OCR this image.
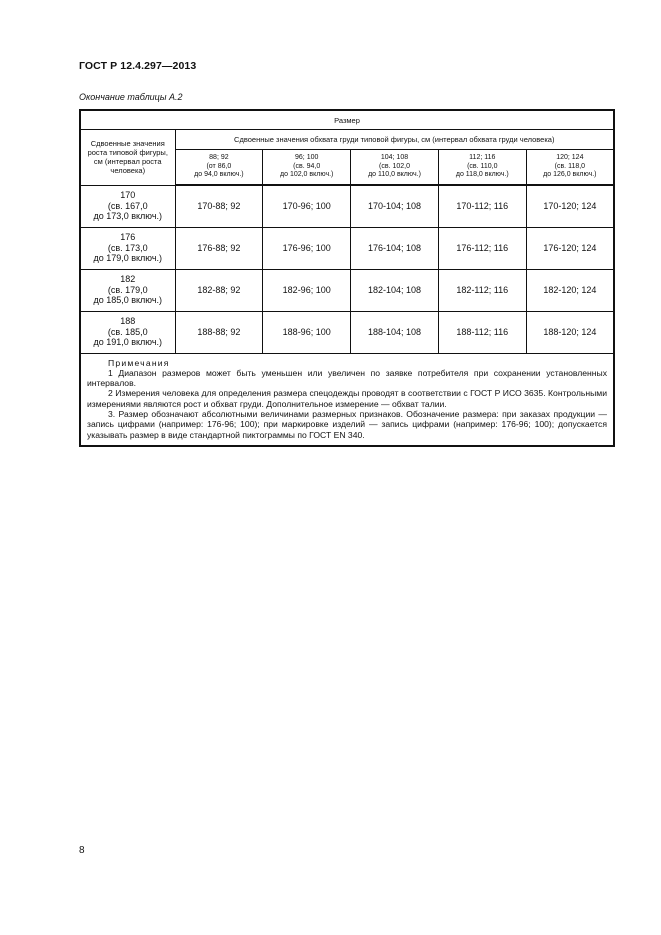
ГОСТ Р 12.4.297—2013
Окончание таблицы А.2
Размер					
Сдвоенные значения роста типовой фигуры, см (интервал роста человека)	Сдвоенные значения обхвата груди типовой фигуры, см (интервал обхвата груди человека)				
	88; 92
(от 86,0
до 94,0 включ.)	96; 100
(св. 94,0
до 102,0 включ.)	104; 108
(св. 102,0
до 110,0 включ.)	112; 116
(св. 110,0
до 118,0 включ.)	120; 124
(св. 118,0
до 126,0 включ.)
170
(св. 167,0
до 173,0 включ.)	170-88; 92	170-96; 100	170-104; 108	170-112; 116	170-120; 124
176
(св. 173,0
до 179,0 включ.)	176-88; 92	176-96; 100	176-104; 108	176-112; 116	176-120; 124
182
(св. 179,0
до 185,0 включ.)	182-88; 92	182-96; 100	182-104; 108	182-112; 116	182-120; 124
188
(св. 185,0
до 191,0 включ.)	188-88; 92	188-96; 100	188-104; 108	188-112; 116	188-120; 124

Примечания
1 Диапазон размеров может быть уменьшен или увеличен по заявке потребителя при сохранении установленных интервалов.
2 Измерения человека для определения размера спецодежды проводят в соответствии с ГОСТ Р ИСО 3635. Контрольными измерениями являются рост и обхват груди. Дополнительное измерение — обхват талии.
3. Размер обозначают абсолютными величинами размерных признаков. Обозначение размера: при заказах продукции — запись цифрами (например: 176-96; 100); при маркировке изделий — запись цифрами (например: 176-96; 100); допускается указывать размер в виде стандартной пиктограммы по ГОСТ EN 340.					
8
